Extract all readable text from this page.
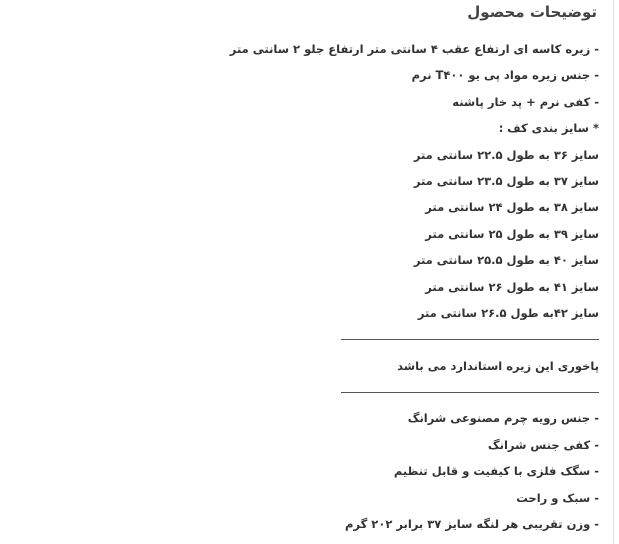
توضیحات محصول
- زیره کاسه ای ارتفاع عقب ۴ سانتی متر ارتفاع جلو ۲ سانتی متر
- جنس زیره مواد پی یو T۴۰۰ نرم
- کفی نرم + پد خار پاشنه
* سایز بندی کف :
سایز ۳۶ به طول ۲۲.۵ سانتی متر
سایز ۳۷ به طول ۲۳.۵ سانتی متر
سایز ۳۸ به طول ۲۴ سانتی متر
سایز ۳۹ به طول ۲۵ سانتی متر
سایز ۴۰ به طول ۲۵.۵ سانتی متر
سایز ۴۱ به طول ۲۶ سانتی متر
سایز ۴۲به طول ۲۶.۵ سانتی متر
پاخوری این زیره استاندارد می باشد
- جنس رویه چرم مصنوعی شرانگ
- کفی جنس شرانگ
- سگک فلزی با کیفیت و قابل تنظیم
- سبک و راحت
- وزن تقریبی هر لنگه سایز ۳۷ برابر ۲۰۲ گرم
